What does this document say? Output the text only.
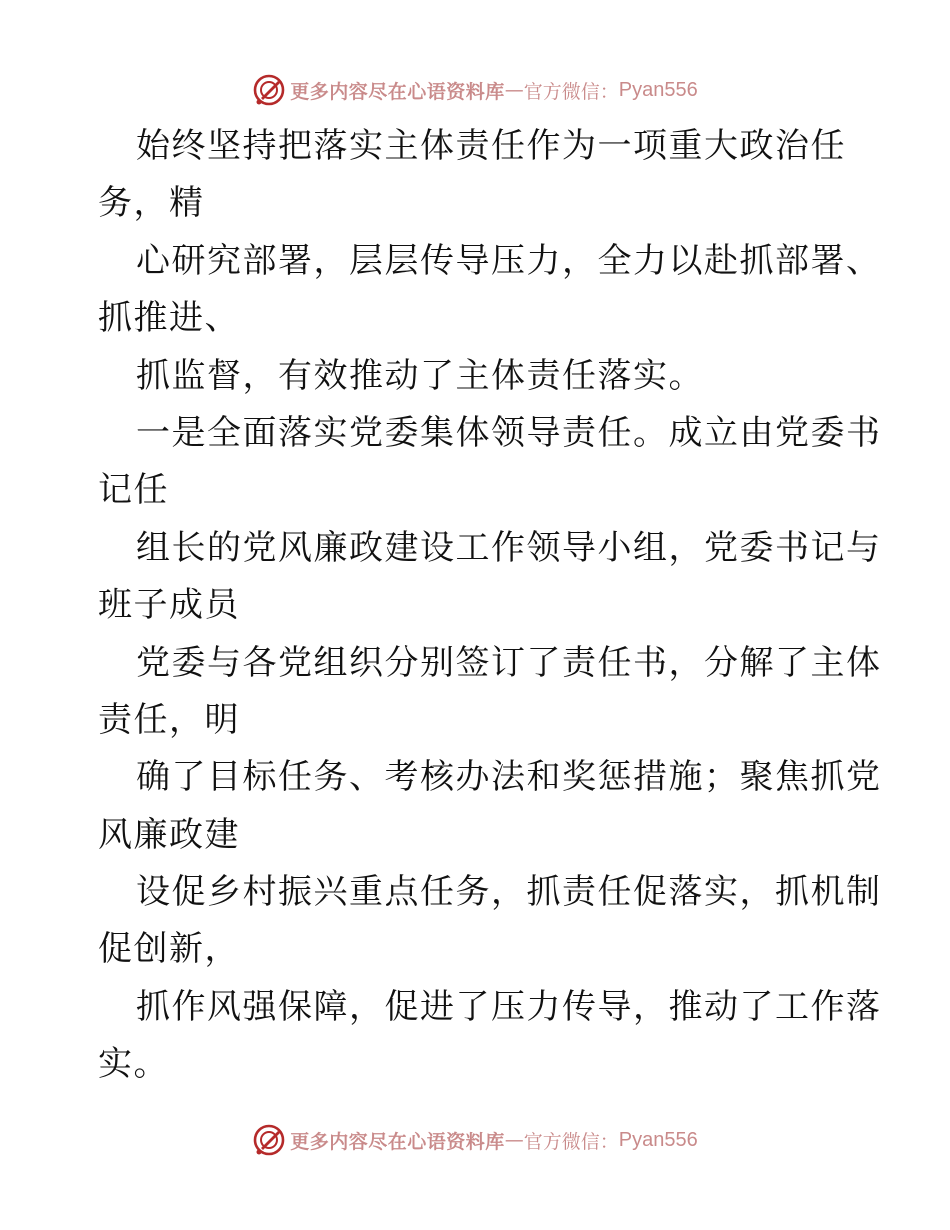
更多内容尽在心语资料库 — 官方微信： Pyan556
始终坚持把落实主体责任作为一项重大政治任
务，精
心研究部署，层层传导压力，全力以赴抓部署、
抓推进、
抓监督，有效推动了主体责任落实。
一是全面落实党委集体领导责任。成立由党委书
记任
组长的党风廉政建设工作领导小组，党委书记与
班子成员
党委与各党组织分别签订了责任书，分解了主体
责任，明
确了目标任务、考核办法和奖惩措施；聚焦抓党
风廉政建
设促乡村振兴重点任务，抓责任促落实，抓机制
促创新，
抓作风强保障，促进了压力传导，推动了工作落
实。
更多内容尽在心语资料库 — 官方微信： Pyan556
